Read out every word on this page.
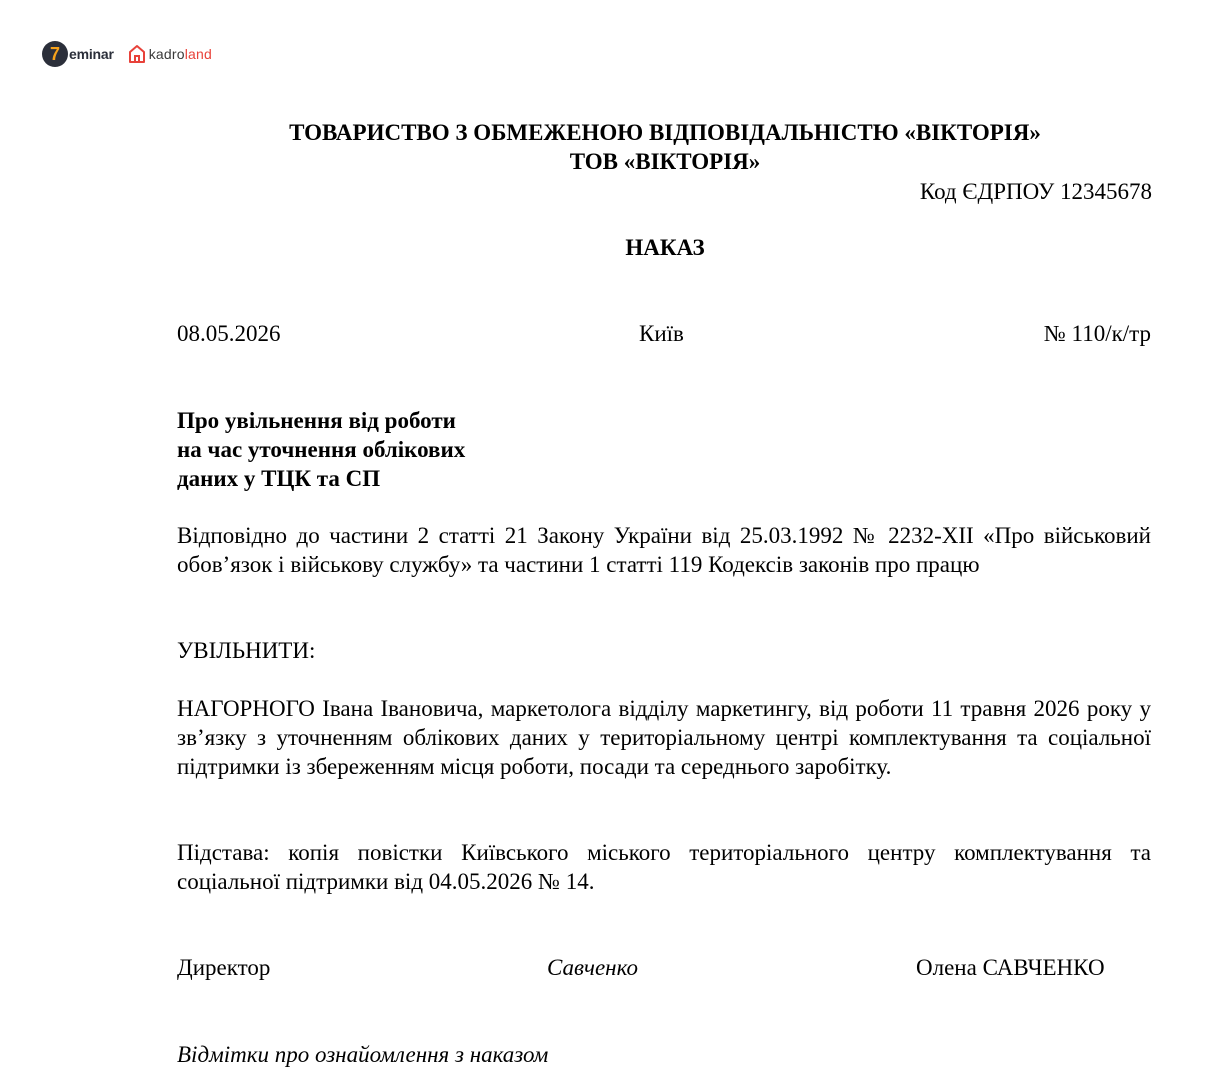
7 eminar	kadroland
ТОВАРИСТВО З ОБМЕЖЕНОЮ ВІДПОВІДАЛЬНІСТЮ «ВІКТОРІЯ»
ТОВ «ВІКТОРІЯ»
Код ЄДРПОУ 12345678
НАКАЗ
08.05.2026	Київ	№ 110/к/тр
Про увільнення від роботи
на час уточнення облікових
даних у ТЦК та СП
Відповідно до частини 2 статті 21 Закону України від 25.03.1992 № 2232-XII «Про військовий обов’язок і військову службу» та частини 1 статті 119 Кодексів законів про працю
УВІЛЬНИТИ:
НАГОРНОГО Івана Івановича, маркетолога відділу маркетингу, від роботи 11 травня 2026 року у зв’язку з уточненням облікових даних у територіальному центрі комплектування та соціальної підтримки із збереженням місця роботи, посади та середнього заробітку.
Підстава: копія повістки Київського міського територіального центру комплектування та соціальної підтримки від 04.05.2026 № 14.
Директор	Савченко	Олена САВЧЕНКО
Відмітки про ознайомлення з наказом
